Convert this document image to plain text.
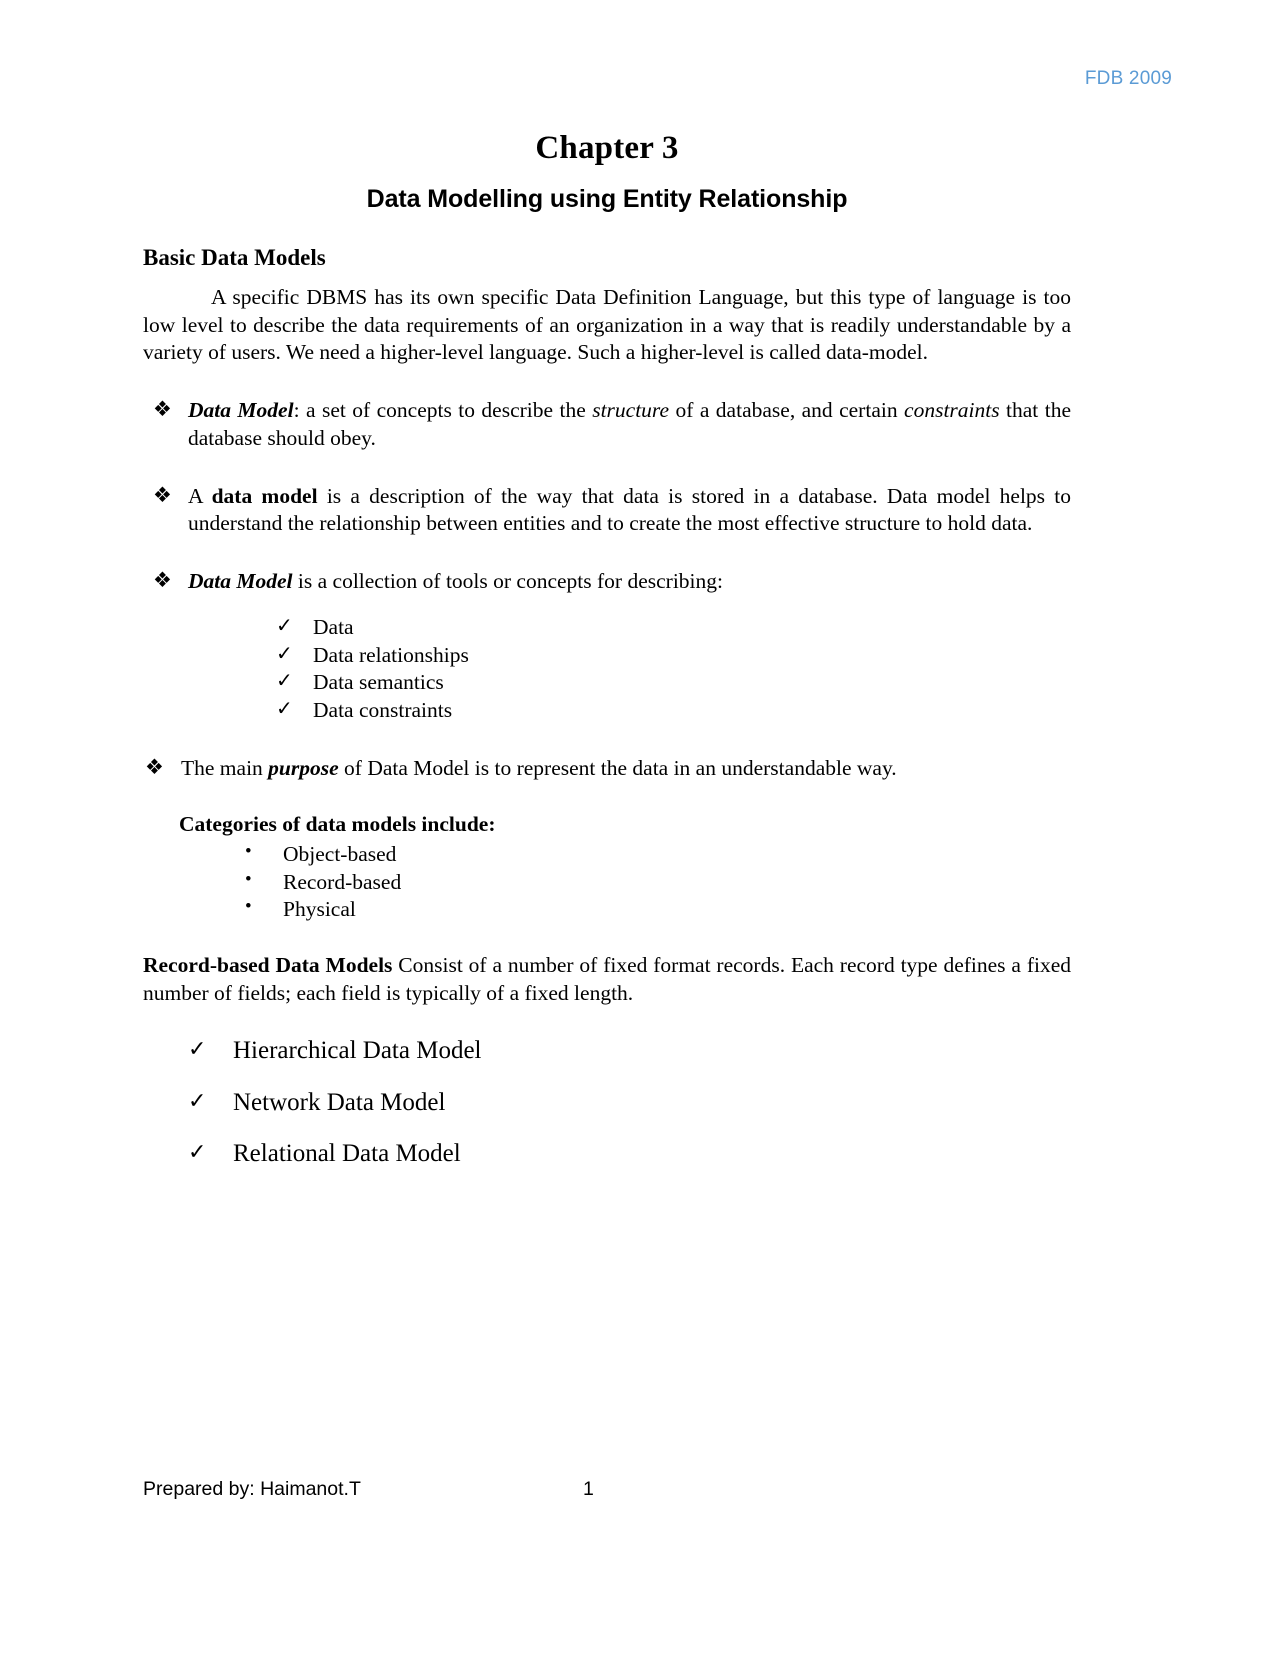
FDB 2009
Chapter 3
Data Modelling using Entity Relationship
Basic Data Models

A specific DBMS has its own specific Data Definition Language, but this type of language is too low level to describe the data requirements of an organization in a way that is readily understandable by a variety of users. We need a higher-level language. Such a higher-level is called data-model.

❖ Data Model: a set of concepts to describe the structure of a database, and certain constraints that the database should obey.
❖ A data model is a description of the way that data is stored in a database. Data model helps to understand the relationship between entities and to create the most effective structure to hold data.
❖ Data Model is a collection of tools or concepts for describing:
✓ Data
✓ Data relationships
✓ Data semantics
✓ Data constraints
❖ The main purpose of Data Model is to represent the data in an understandable way.
Categories of data models include:
• Object-based
• Record-based
• Physical

Record-based Data Models Consist of a number of fixed format records. Each record type defines a fixed number of fields; each field is typically of a fixed length.

✓ Hierarchical Data Model
✓ Network Data Model
✓ Relational Data Model
Prepared by: Haimanot.T	1
